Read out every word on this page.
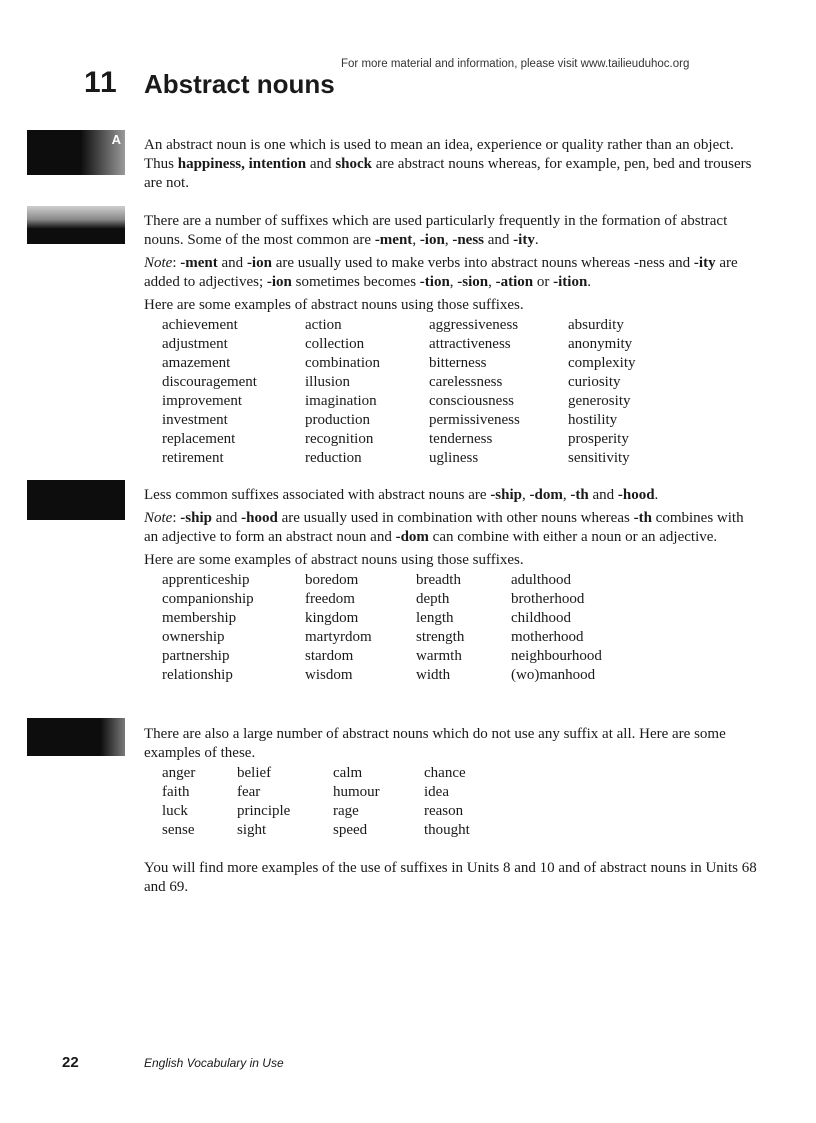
For more material and information, please visit www.tailieuduhoc.org
11 Abstract nouns
A An abstract noun is one which is used to mean an idea, experience or quality rather than an object. Thus happiness, intention and shock are abstract nouns whereas, for example, pen, bed and trousers are not.

There are a number of suffixes which are used particularly frequently in the formation of abstract nouns. Some of the most common are -ment, -ion, -ness and -ity.

Note: -ment and -ion are usually used to make verbs into abstract nouns whereas -ness and -ity are added to adjectives; -ion sometimes becomes -tion, -sion, -ation or -ition.

Here are some examples of abstract nouns using those suffixes.

achievement	action	aggressiveness	absurdity
adjustment	collection	attractiveness	anonymity
amazement	combination	bitterness	complexity
discouragement	illusion	carelessness	curiosity
improvement	imagination	consciousness	generosity
investment	production	permissiveness	hostility
replacement	recognition	tenderness	prosperity
retirement	reduction	ugliness	sensitivity

Less common suffixes associated with abstract nouns are -ship, -dom, -th and -hood.

Note: -ship and -hood are usually used in combination with other nouns whereas -th combines with an adjective to form an abstract noun and -dom can combine with either a noun or an adjective.

Here are some examples of abstract nouns using those suffixes.

apprenticeship	boredom	breadth	adulthood
companionship	freedom	depth	brotherhood
membership	kingdom	length	childhood
ownership	martyrdom	strength	motherhood
partnership	stardom	warmth	neighbourhood
relationship	wisdom	width	(wo)manhood

There are also a large number of abstract nouns which do not use any suffix at all. Here are some examples of these.

anger	belief	calm	chance
faith	fear	humour	idea
luck	principle	rage	reason
sense	sight	speed	thought

You will find more examples of the use of suffixes in Units 8 and 10 and of abstract nouns in Units 68 and 69.

22	English Vocabulary in Use
